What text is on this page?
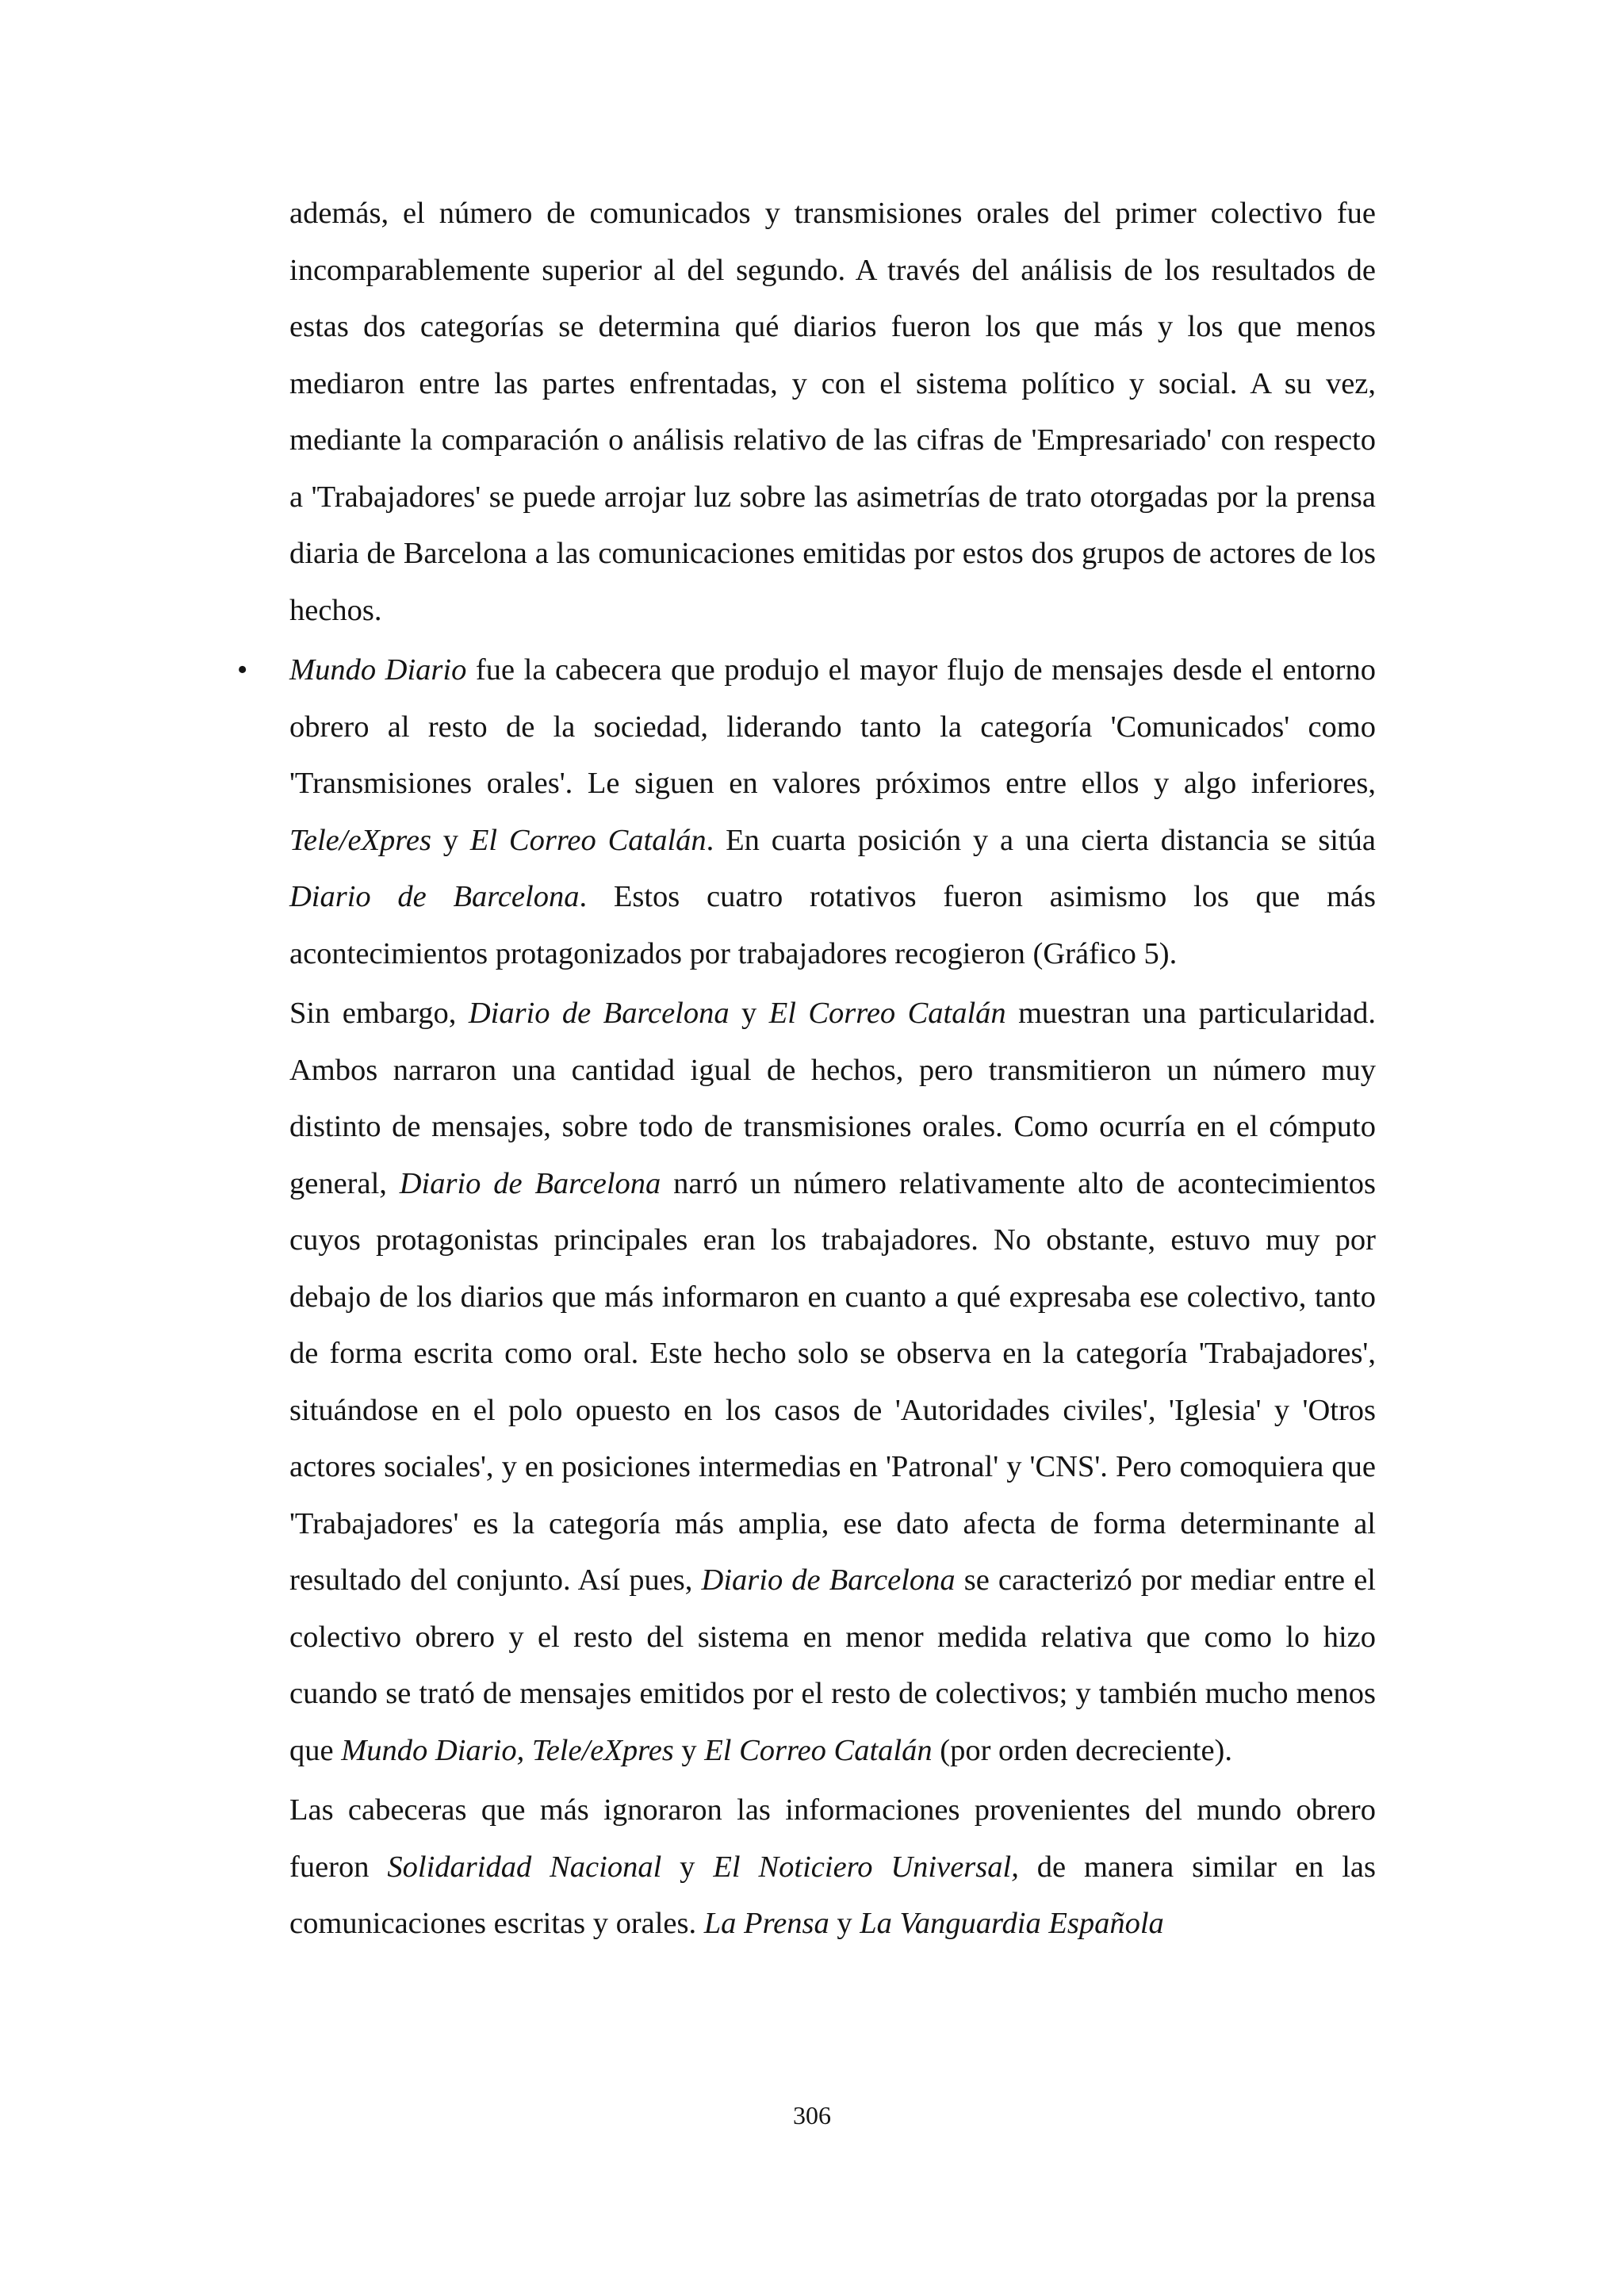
además, el número de comunicados y transmisiones orales del primer colectivo fue incomparablemente superior al del segundo. A través del análisis de los resultados de estas dos categorías se determina qué diarios fueron los que más y los que menos mediaron entre las partes enfrentadas, y con el sistema político y social. A su vez, mediante la comparación o análisis relativo de las cifras de 'Empresariado' con respecto a 'Trabajadores' se puede arrojar luz sobre las asimetrías de trato otorgadas por la prensa diaria de Barcelona a las comunicaciones emitidas por estos dos grupos de actores de los hechos.

• Mundo Diario fue la cabecera que produjo el mayor flujo de mensajes desde el entorno obrero al resto de la sociedad, liderando tanto la categoría 'Comunicados' como 'Transmisiones orales'. Le siguen en valores próximos entre ellos y algo inferiores, Tele/eXpres y El Correo Catalán. En cuarta posición y a una cierta distancia se sitúa Diario de Barcelona. Estos cuatro rotativos fueron asimismo los que más acontecimientos protagonizados por trabajadores recogieron (Gráfico 5).

Sin embargo, Diario de Barcelona y El Correo Catalán muestran una particularidad. Ambos narraron una cantidad igual de hechos, pero transmitieron un número muy distinto de mensajes, sobre todo de transmisiones orales. Como ocurría en el cómputo general, Diario de Barcelona narró un número relativamente alto de acontecimientos cuyos protagonistas principales eran los trabajadores. No obstante, estuvo muy por debajo de los diarios que más informaron en cuanto a qué expresaba ese colectivo, tanto de forma escrita como oral. Este hecho solo se observa en la categoría 'Trabajadores', situándose en el polo opuesto en los casos de 'Autoridades civiles', 'Iglesia' y 'Otros actores sociales', y en posiciones intermedias en 'Patronal' y 'CNS'. Pero comoquiera que 'Trabajadores' es la categoría más amplia, ese dato afecta de forma determinante al resultado del conjunto. Así pues, Diario de Barcelona se caracterizó por mediar entre el colectivo obrero y el resto del sistema en menor medida relativa que como lo hizo cuando se trató de mensajes emitidos por el resto de colectivos; y también mucho menos que Mundo Diario, Tele/eXpres y El Correo Catalán (por orden decreciente).

Las cabeceras que más ignoraron las informaciones provenientes del mundo obrero fueron Solidaridad Nacional y El Noticiero Universal, de manera similar en las comunicaciones escritas y orales. La Prensa y La Vanguardia Española

306
